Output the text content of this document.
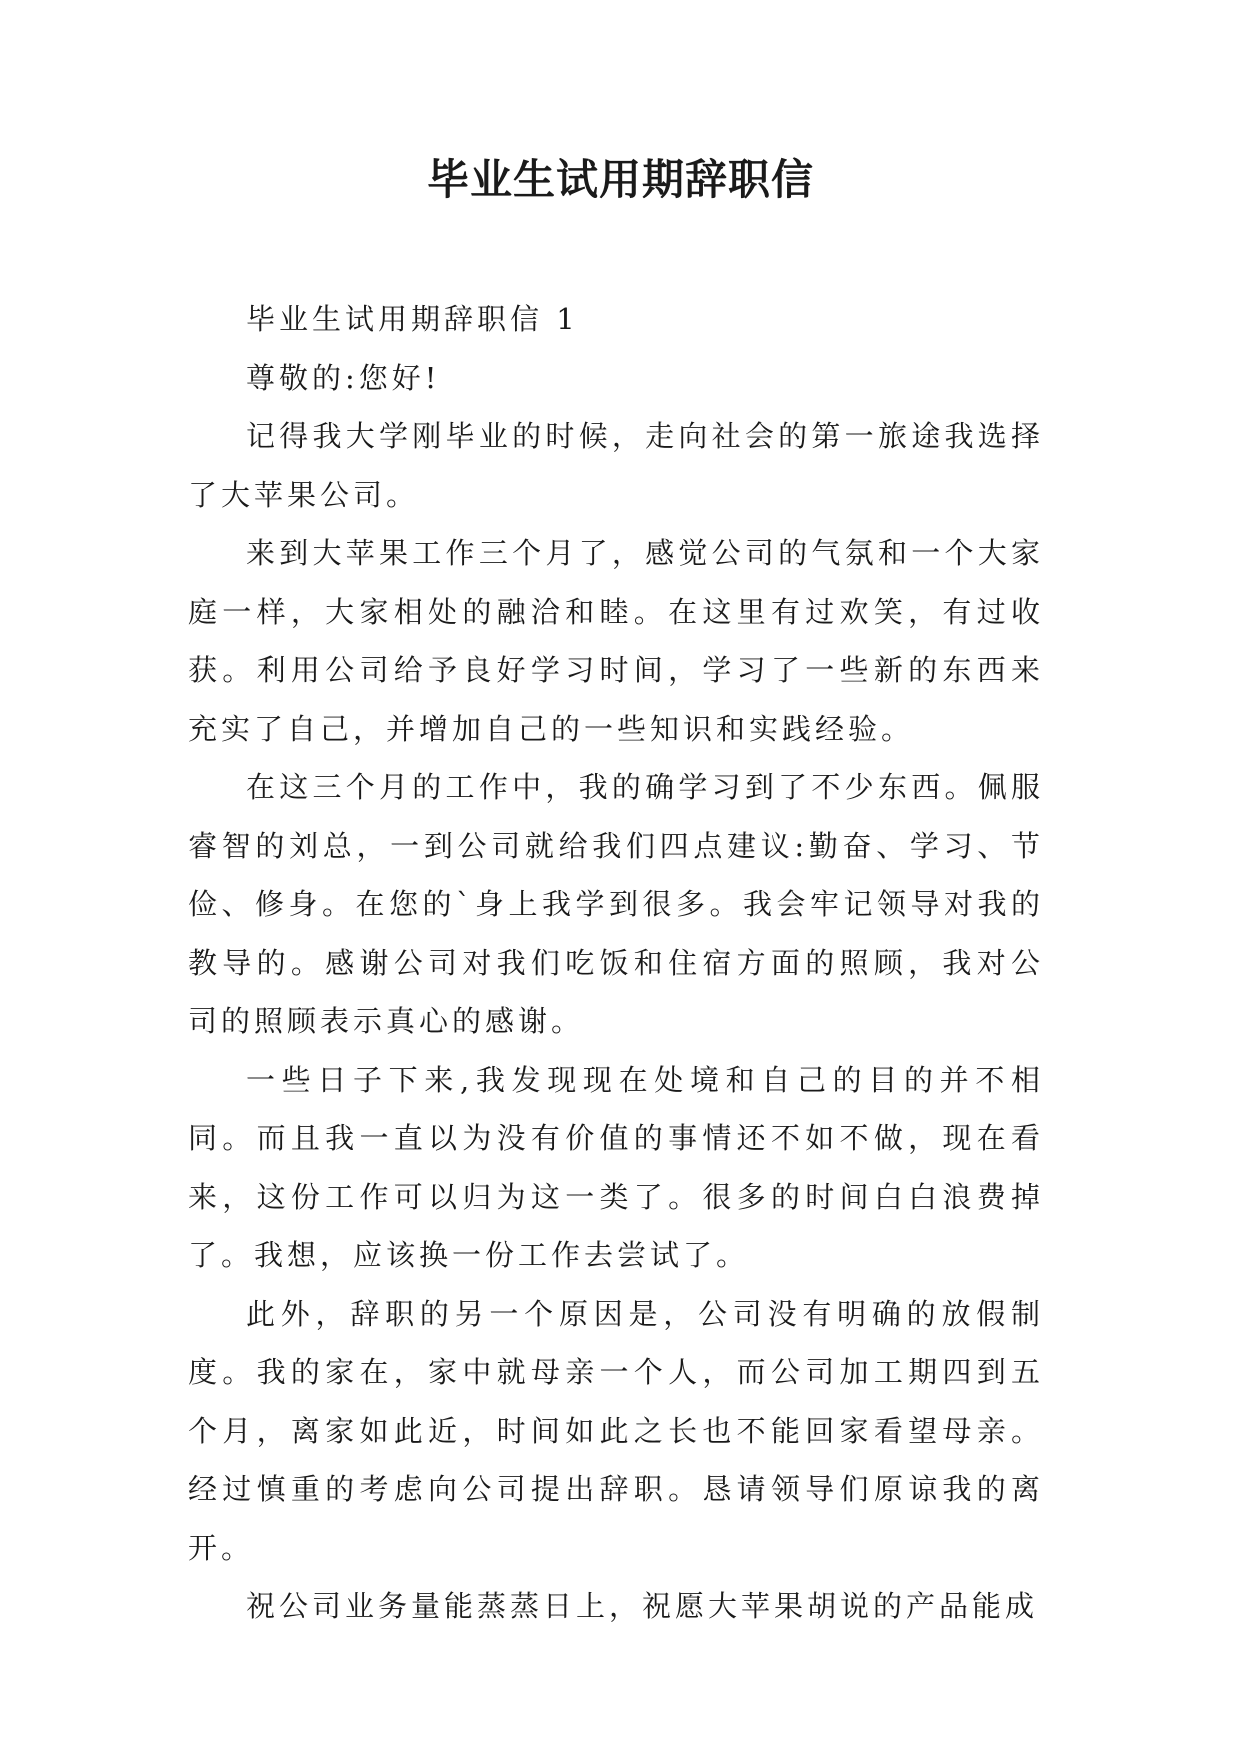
毕业生试用期辞职信

毕业生试用期辞职信 1

尊敬的:您好!

记得我大学刚毕业的时候，走向社会的第一旅途我选择了大苹果公司。

来到大苹果工作三个月了，感觉公司的气氛和一个大家庭一样，大家相处的融洽和睦。在这里有过欢笑，有过收获。利用公司给予良好学习时间，学习了一些新的东西来充实了自己，并增加自己的一些知识和实践经验。

在这三个月的工作中，我的确学习到了不少东西。佩服睿智的刘总，一到公司就给我们四点建议:勤奋、学习、节俭、修身。在您的`身上我学到很多。我会牢记领导对我的教导的。感谢公司对我们吃饭和住宿方面的照顾，我对公司的照顾表示真心的感谢。

一些日子下来,我发现现在处境和自己的目的并不相同。而且我一直以为没有价值的事情还不如不做，现在看来，这份工作可以归为这一类了。很多的时间白白浪费掉了。我想，应该换一份工作去尝试了。

此外，辞职的另一个原因是，公司没有明确的放假制度。我的家在，家中就母亲一个人，而公司加工期四到五个月，离家如此近，时间如此之长也不能回家看望母亲。经过慎重的考虑向公司提出辞职。恳请领导们原谅我的离开。

祝公司业务量能蒸蒸日上，祝愿大苹果胡说的产品能成
